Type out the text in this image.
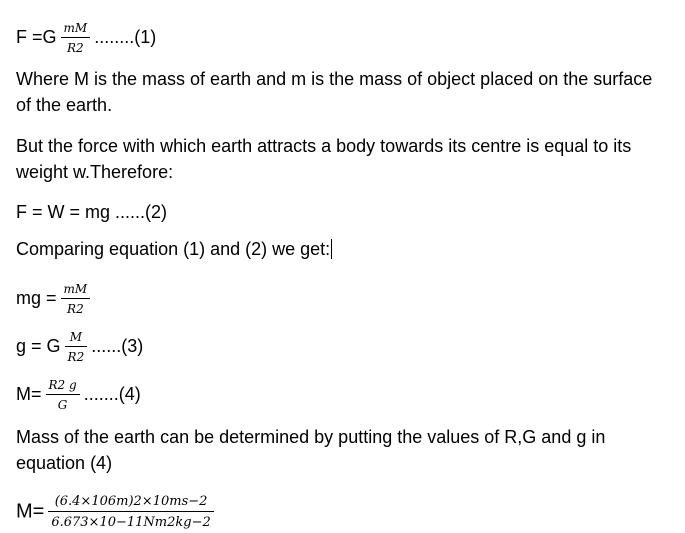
$F =G \frac{mM}{R2} ........(1)$
Where M is the mass of earth and m is the mass of object placed on the surface of the earth.
But the force with which earth attracts a body towards its centre is equal to its weight w.Therefore:
F = W = mg ......(2)
Comparing equation (1) and (2) we get:
mg = $\frac{mM}{R2}$
g = G $\frac{M}{R2} ......(3)$
$M= \frac{R2 g}{G} .......(4)$
Mass of the earth can be determined by putting the values of R,G and g in equation (4)
$M= \frac{(6.4\times 106m)2\times 10ms-2}{6.673\times 10-11Nm2kg-2}$
